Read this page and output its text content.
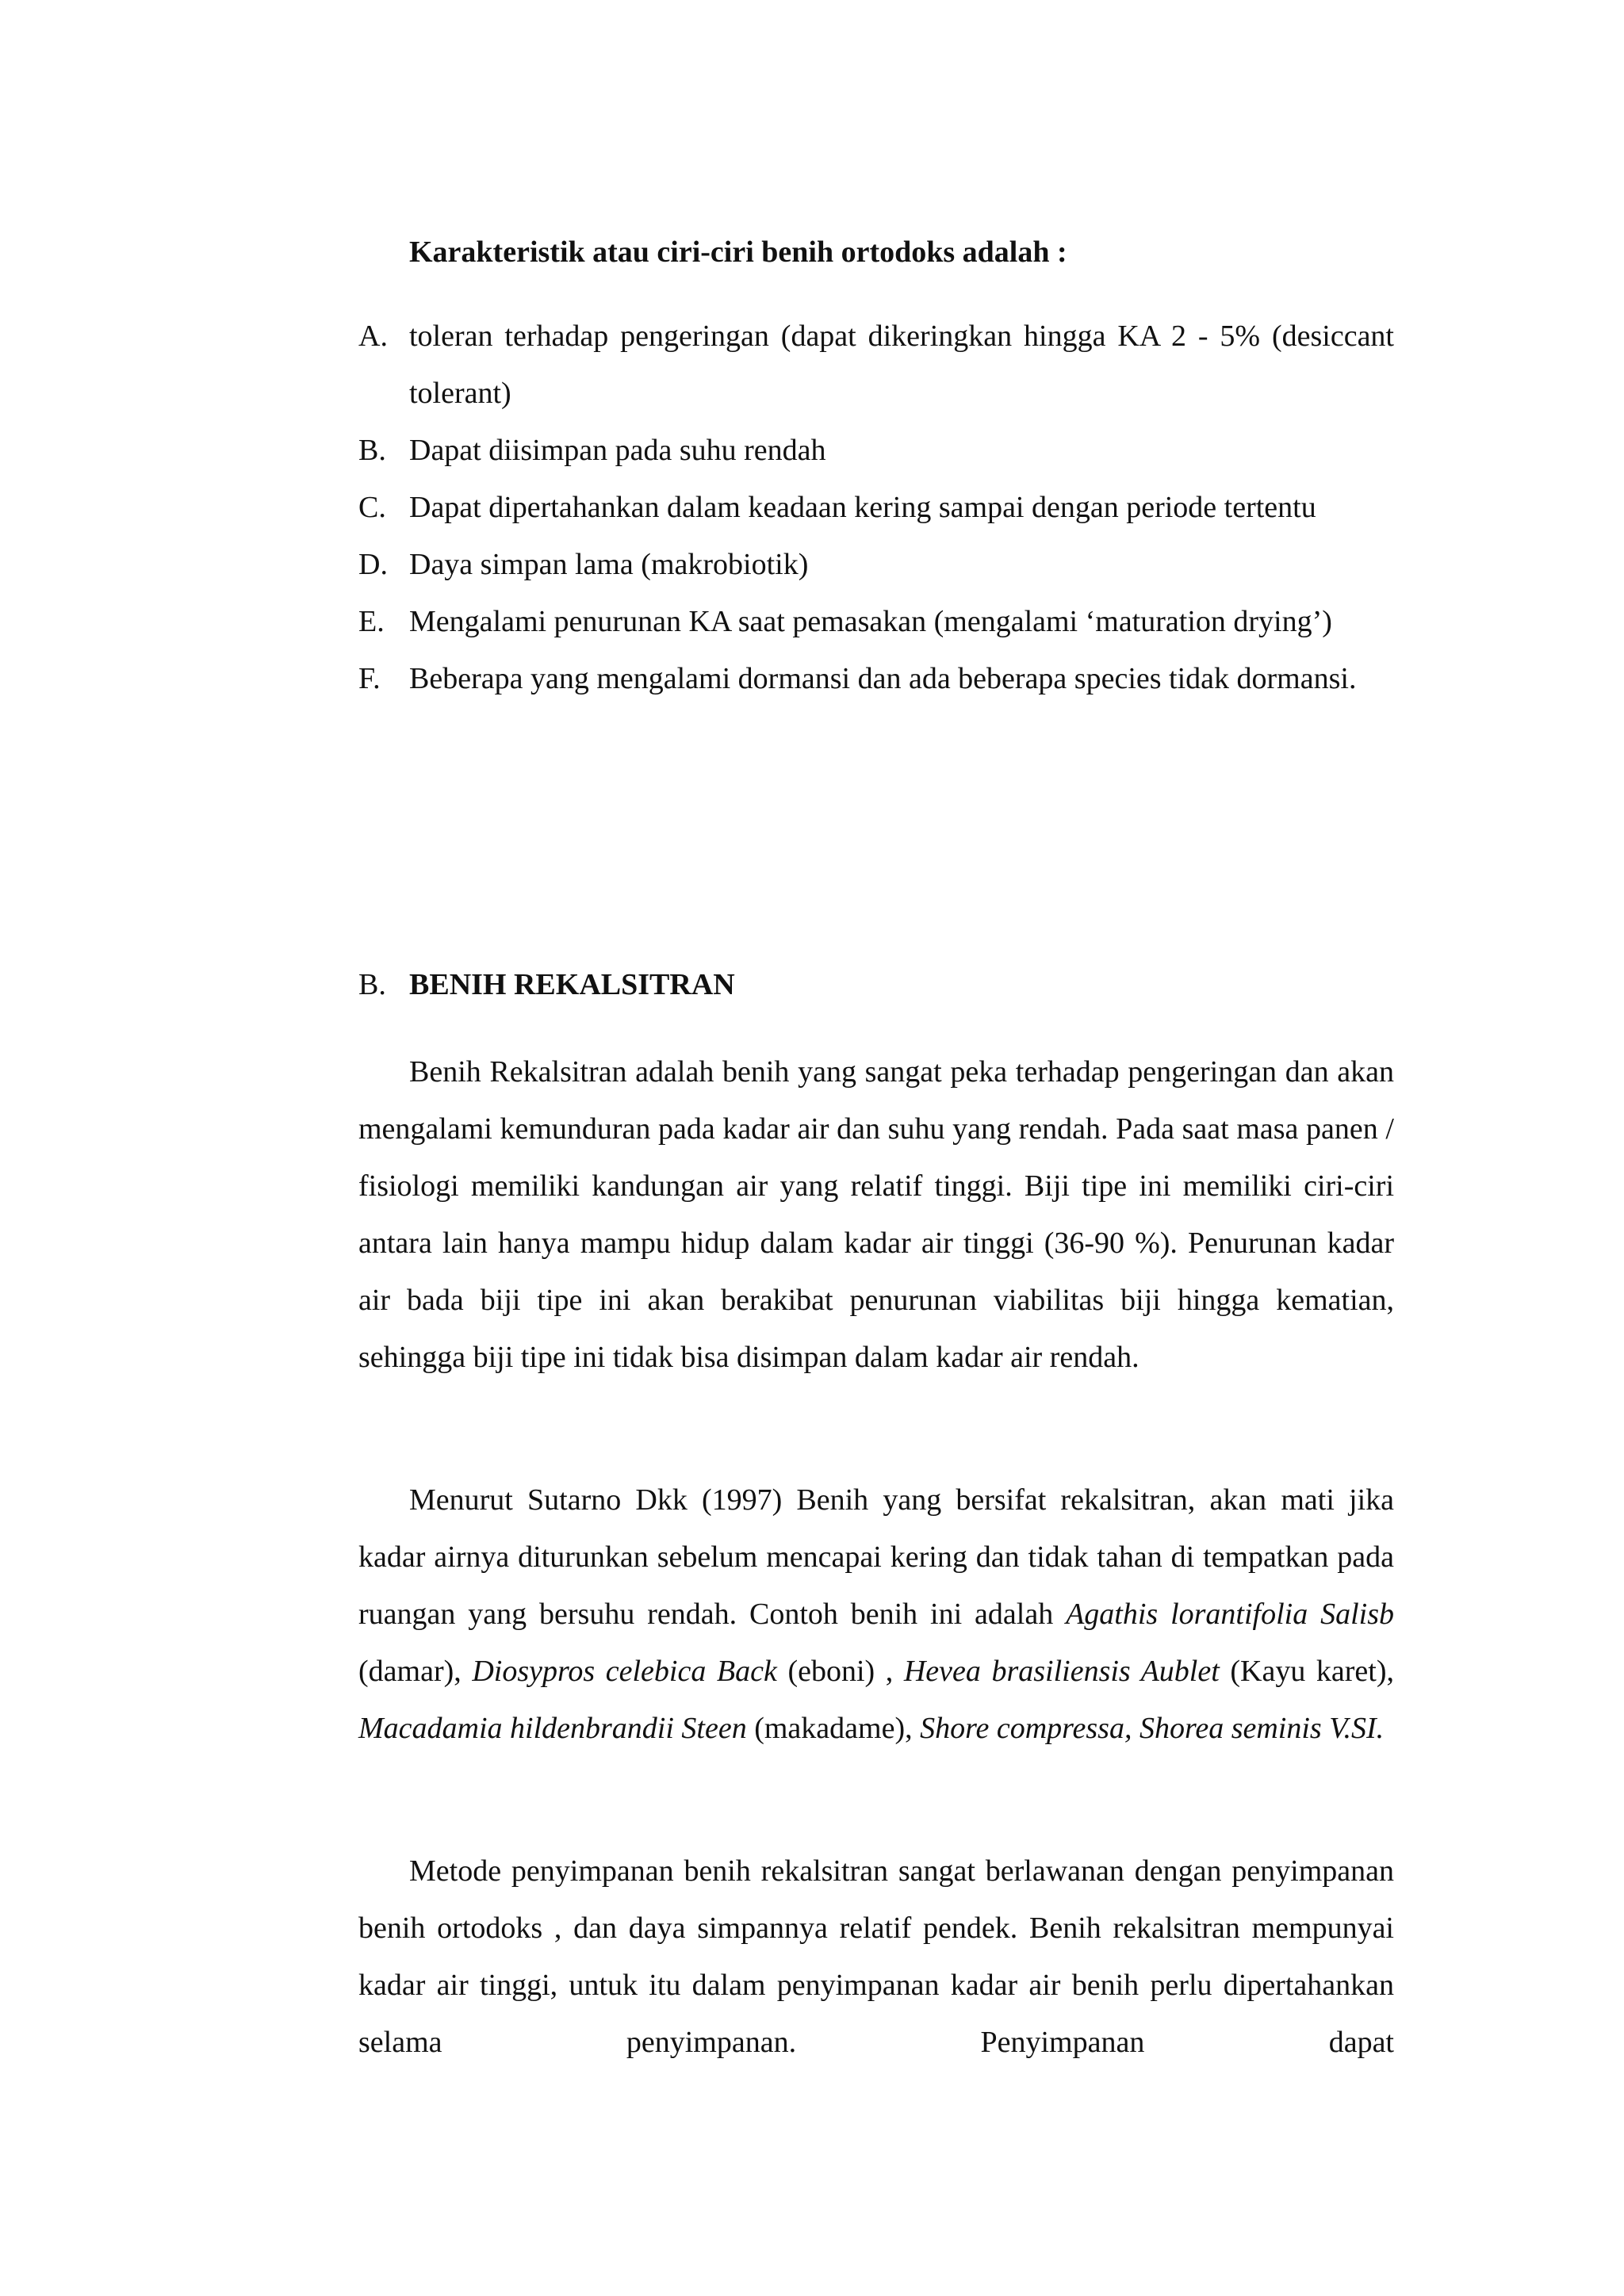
Karakteristik atau ciri-ciri benih ortodoks adalah :

A. toleran terhadap pengeringan (dapat dikeringkan hingga KA 2 - 5% (desiccant tolerant)
B. Dapat diisimpan pada suhu rendah
C. Dapat dipertahankan dalam keadaan kering sampai dengan periode tertentu
D. Daya simpan lama (makrobiotik)
E. Mengalami penurunan KA saat pemasakan (mengalami ‘maturation drying’)
F. Beberapa yang mengalami dormansi dan ada beberapa species tidak dormansi.

B. BENIH REKALSITRAN

Benih Rekalsitran adalah benih yang sangat peka terhadap pengeringan dan akan mengalami kemunduran pada kadar air dan suhu yang rendah. Pada saat masa panen / fisiologi memiliki kandungan air yang relatif tinggi. Biji tipe ini memiliki ciri-ciri antara lain hanya mampu hidup dalam kadar air tinggi (36-90 %). Penurunan kadar air bada biji tipe ini akan berakibat penurunan viabilitas biji hingga kematian, sehingga biji tipe ini tidak bisa disimpan dalam kadar air rendah.

Menurut Sutarno Dkk (1997) Benih yang bersifat rekalsitran, akan mati jika kadar airnya diturunkan sebelum mencapai kering dan tidak tahan di tempatkan pada ruangan yang bersuhu rendah. Contoh benih ini adalah Agathis lorantifolia Salisb (damar), Diosypros celebica Back (eboni) , Hevea brasiliensis Aublet (Kayu karet), Macadamia hildenbrandii Steen (makadame), Shore compressa, Shorea seminis V.SI.

Metode penyimpanan benih rekalsitran sangat berlawanan dengan penyimpanan benih ortodoks , dan daya simpannya relatif pendek. Benih rekalsitran mempunyai kadar air tinggi, untuk itu dalam penyimpanan kadar air benih perlu dipertahankan selama penyimpanan. Penyimpanan dapat
